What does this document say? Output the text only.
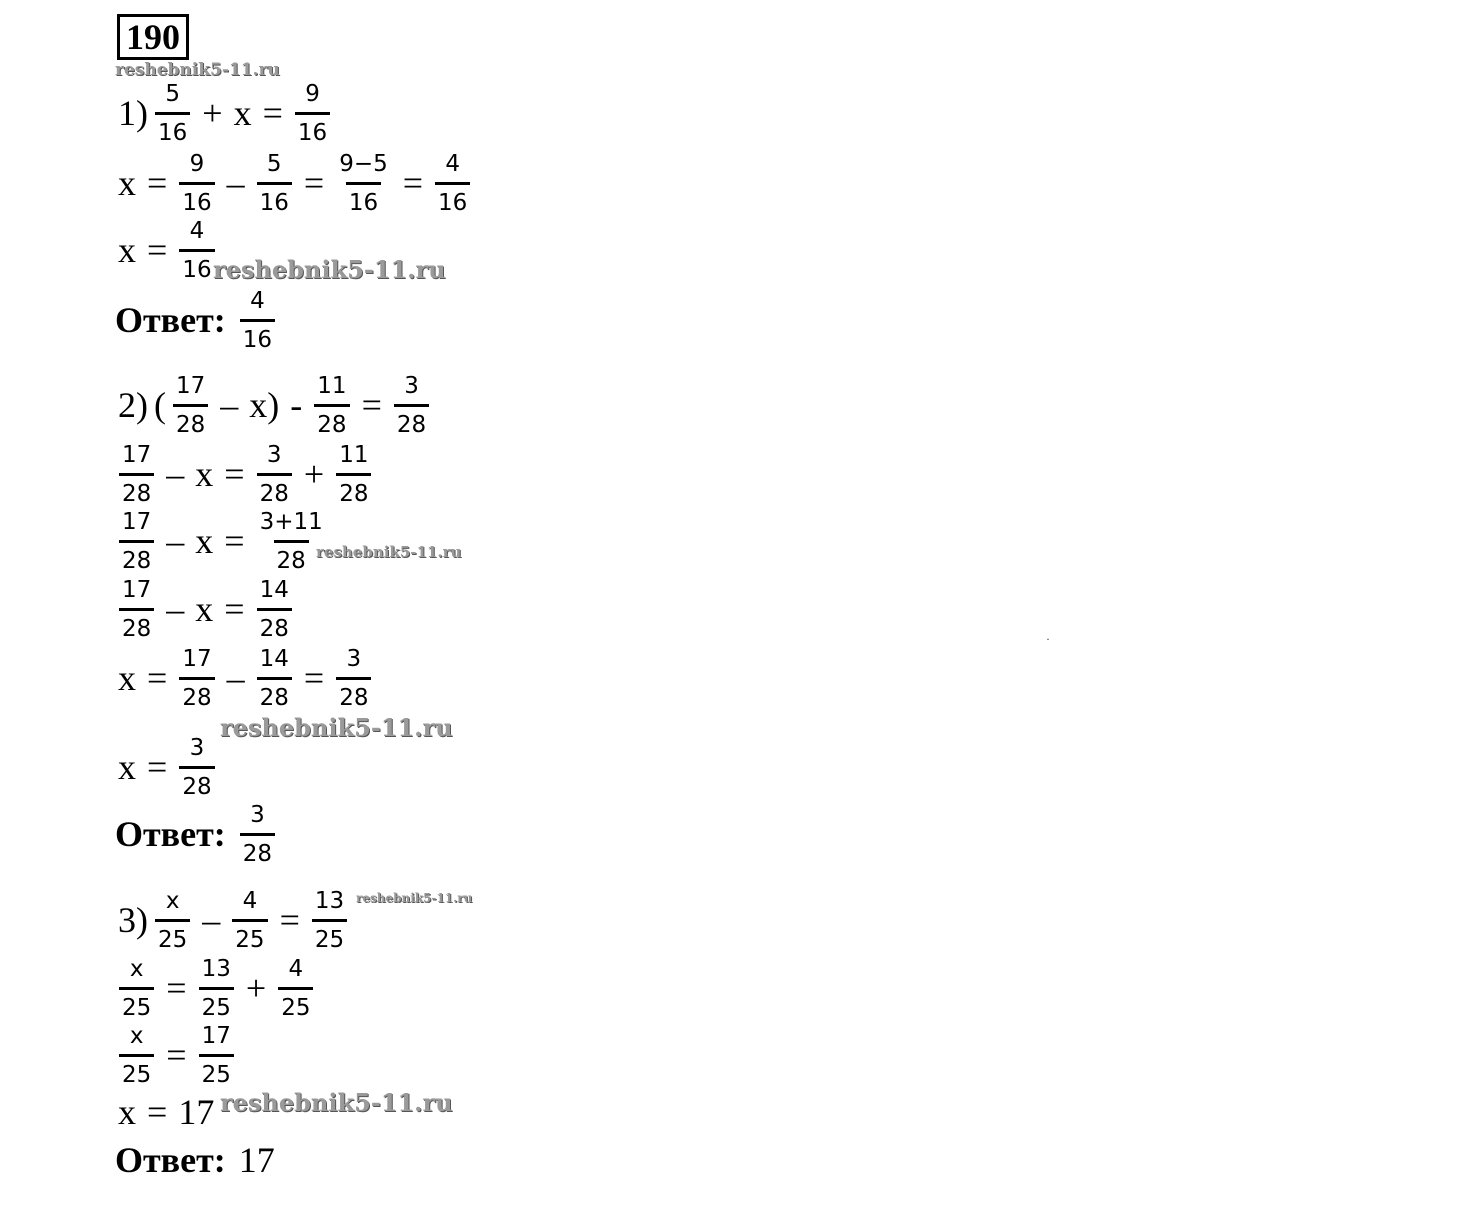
190
$1) \frac{5}{16} + x = \frac{9}{16}$
$x = \frac{9}{16} - \frac{5}{16} = \frac{9-5}{16} = \frac{4}{16}$
$x = \frac{4}{16}$
Ответ: $\frac{4}{16}$
2) ( $\frac{17}{28} - x) - \frac{11}{28} = \frac{3}{28}$
$\frac{17}{28} - x = \frac{3}{28} + \frac{11}{28}$
$\frac{17}{28} - x = \frac{3+11}{28}$
$\frac{17}{28} - x = \frac{14}{28}$
$x = \frac{17}{28} - \frac{14}{28} = \frac{3}{28}$
$x = \frac{3}{28}$
Ответ: $\frac{3}{28}$
$3) \frac{x}{25} - \frac{4}{25} = \frac{13}{25}$
$\frac{x}{25} = \frac{13}{25} + \frac{4}{25}$
$\frac{x}{25} = \frac{17}{25}$
x = 17
Ответ: 17
reshebnik5-11.ru
reshebnik5-11.ru
reshebnik5-11.ru
reshebnik5-11.ru
reshebnik5-11.ru
reshebnik5-11.ru
·
